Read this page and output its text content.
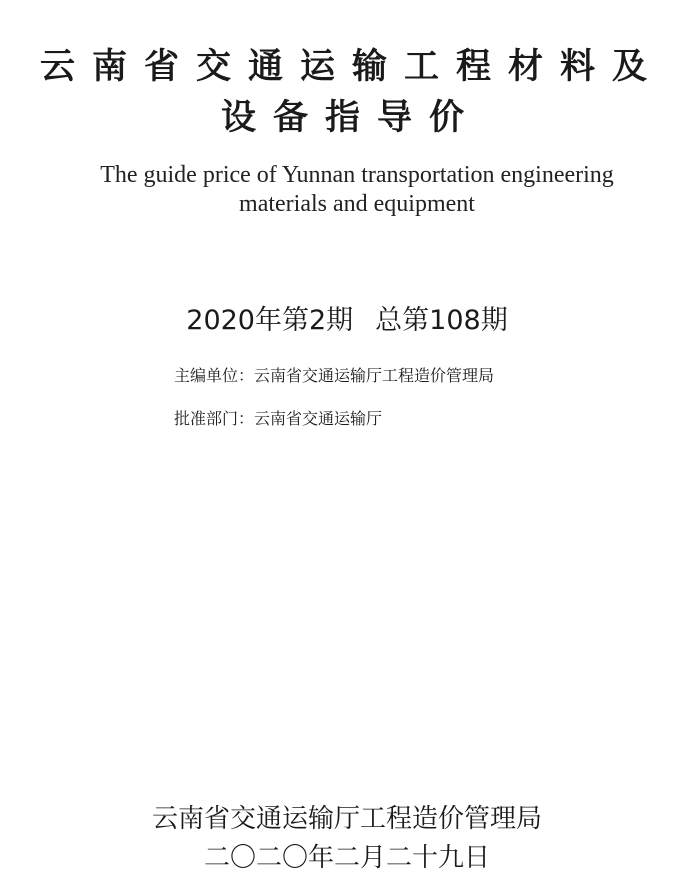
云南省交通运输工程材料及
设备指导价
The guide price of Yunnan transportation engineering
materials and equipment
2020年第2期 总第108期
主编单位：云南省交通运输厅工程造价管理局
批准部门：云南省交通运输厅
云南省交通运输厅工程造价管理局
二〇二〇年二月二十九日
